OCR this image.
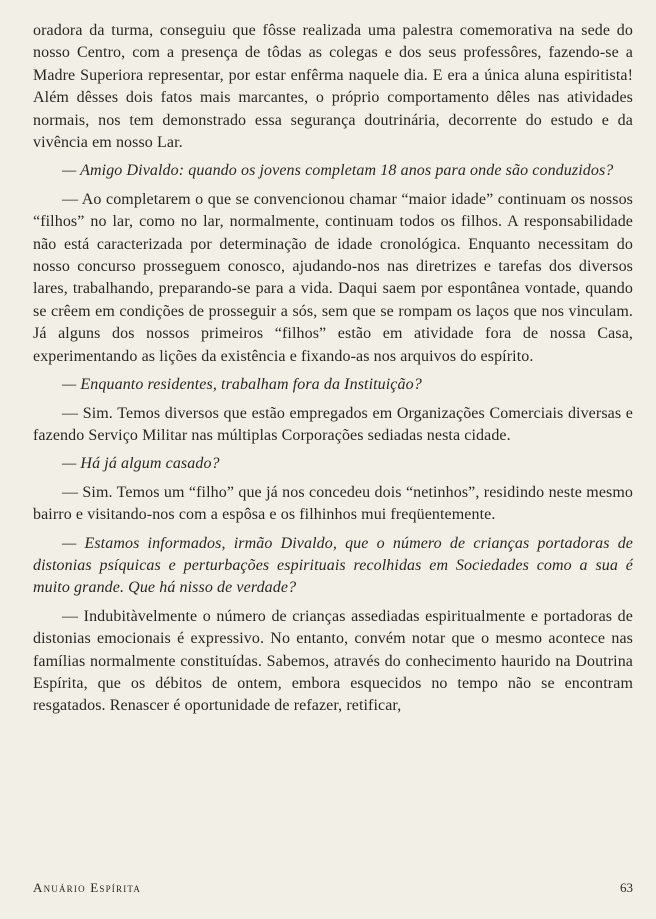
oradora da turma, conseguiu que fôsse realizada uma palestra comemorativa na sede do nosso Centro, com a presença de tôdas as colegas e dos seus professôres, fazendo-se a Madre Superiora representar, por estar enfêrma naquele dia. E era a única aluna espiritista! Além dêsses dois fatos mais marcantes, o próprio comportamento dêles nas atividades normais, nos tem demonstrado essa segurança doutrinária, decorrente do estudo e da vivência em nosso Lar.

— Amigo Divaldo: quando os jovens completam 18 anos para onde são conduzidos?

— Ao completarem o que se convencionou chamar “maior idade” continuam os nossos “filhos” no lar, como no lar, normalmente, continuam todos os filhos. A responsabilidade não está caracterizada por determinação de idade cronológica. Enquanto necessitam do nosso concurso prosseguem conosco, ajudando-nos nas diretrizes e tarefas dos diversos lares, trabalhando, preparando-se para a vida. Daqui saem por espontânea vontade, quando se crêem em condições de prosseguir a sós, sem que se rompam os laços que nos vinculam. Já alguns dos nossos primeiros “filhos” estão em atividade fora de nossa Casa, experimentando as lições da existência e fixando-as nos arquivos do espírito.

— Enquanto residentes, trabalham fora da Instituição?

— Sim. Temos diversos que estão empregados em Organizações Comerciais diversas e fazendo Serviço Militar nas múltiplas Corporações sediadas nesta cidade.

— Há já algum casado?

— Sim. Temos um “filho” que já nos concedeu dois “netinhos”, residindo neste mesmo bairro e visitando-nos com a espôsa e os filhinhos mui freqüentemente.

— Estamos informados, irmão Divaldo, que o número de crianças portadoras de distonias psíquicas e perturbações espirituais recolhidas em Sociedades como a sua é muito grande. Que há nisso de verdade?

— Indubitàvelmente o número de crianças assediadas espiritualmente e portadoras de distonias emocionais é expressivo. No entanto, convém notar que o mesmo acontece nas famílias normalmente constituídas. Sabemos, através do conhecimento haurido na Doutrina Espírita, que os débitos de ontem, embora esquecidos no tempo não se encontram resgatados. Renascer é oportunidade de refazer, retificar,

Anuário Espírita	63
